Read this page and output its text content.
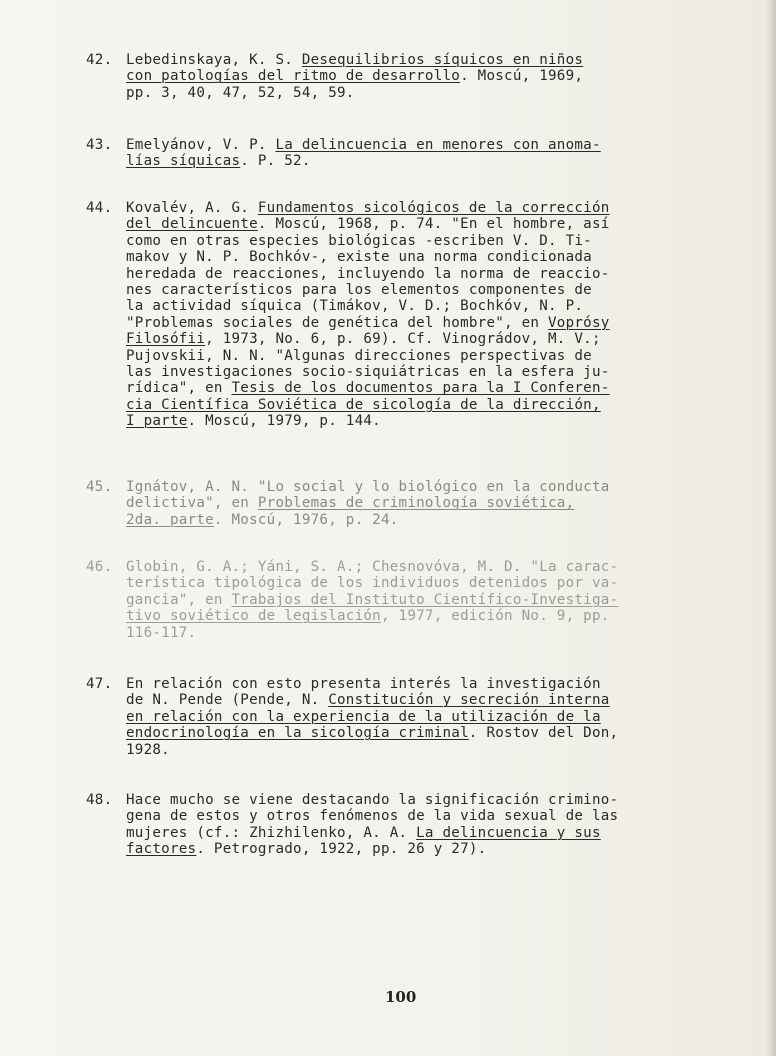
42. Lebedinskaya, K. S. Desequilibrios síquicos en niños
con patologías del ritmo de desarrollo. Moscú, 1969,
pp. 3, 40, 47, 52, 54, 59.
43. Emelyánov, V. P. La delincuencia en menores con anoma-
lías síquicas. P. 52.
44. Kovalév, A. G. Fundamentos sicológicos de la corrección
del delincuente. Moscú, 1968, p. 74. "En el hombre, así
como en otras especies biológicas -escriben V. D. Ti-
makov y N. P. Bochkóv-, existe una norma condicionada
heredada de reacciones, incluyendo la norma de reaccio-
nes característicos para los elementos componentes de
la actividad síquica (Timákov, V. D.; Bochkóv, N. P.
"Problemas sociales de genética del hombre", en Voprósy
Filosófii, 1973, No. 6, p. 69). Cf. Vinográdov, M. V.;
Pujovskii, N. N. "Algunas direcciones perspectivas de
las investigaciones socio-siquiátricas en la esfera ju-
rídica", en Tesis de los documentos para la I Conferen-
cia Científica Soviética de sicología de la dirección,
I parte. Moscú, 1979, p. 144.
45. Ignátov, A. N. "Lo social y lo biológico en la conducta
delictiva", en Problemas de criminología soviética,
2da. parte. Moscú, 1976, p. 24.
46. Globin, G. A.; Yáni, S. A.; Chesnovóva, M. D. "La carac-
terística tipológica de los individuos detenidos por va-
gancia", en Trabajos del Instituto Científico-Investiga-
tivo soviético de legislación, 1977, edición No. 9, pp.
116-117.
47. En relación con esto presenta interés la investigación
de N. Pende (Pende, N. Constitución y secreción interna
en relación con la experiencia de la utilización de la
endocrinología en la sicología criminal. Rostov del Don,
1928.
48. Hace mucho se viene destacando la significación crimino-
gena de estos y otros fenómenos de la vida sexual de las
mujeres (cf.: Zhizhilenko, A. A. La delincuencia y sus
factores. Petrogrado, 1922, pp. 26 y 27).
100
